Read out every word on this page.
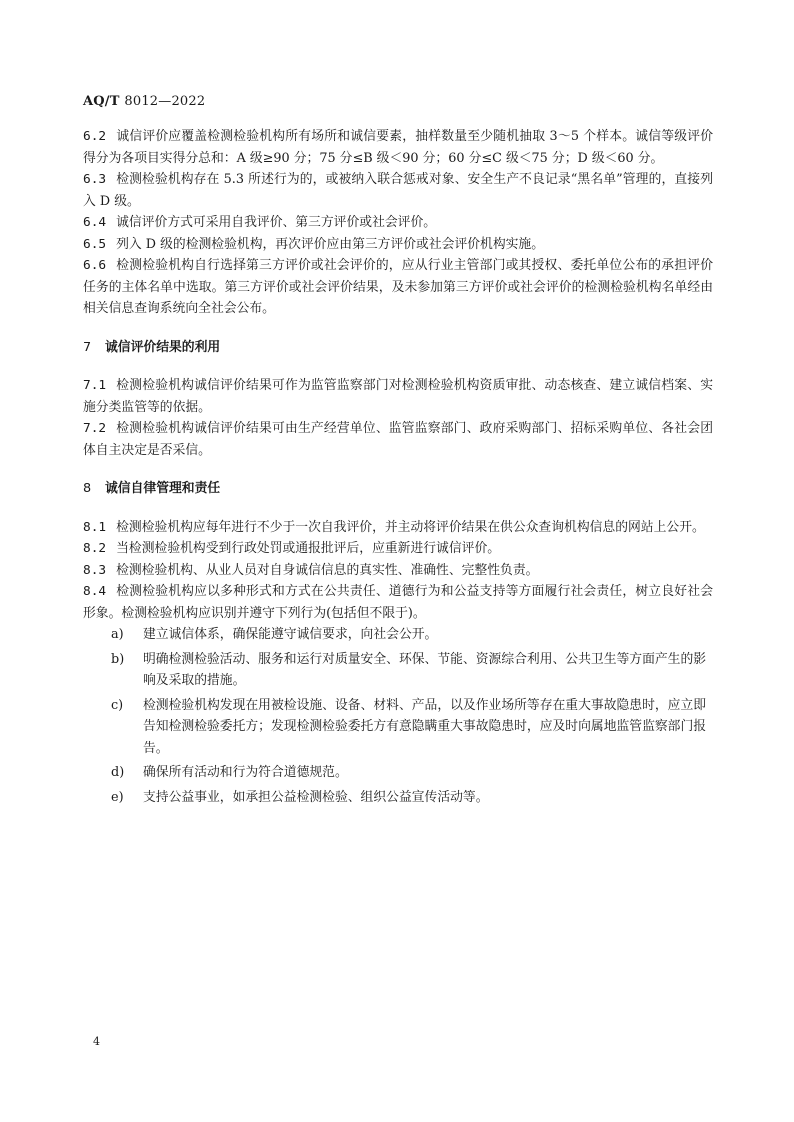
AQ/T 8012—2022

6.2 诚信评价应覆盖检测检验机构所有场所和诚信要素，抽样数量至少随机抽取 3～5 个样本。诚信等级评价得分为各项目实得分总和：A 级≥90 分；75 分≤B 级＜90 分；60 分≤C 级＜75 分；D 级＜60 分。

6.3 检测检验机构存在 5.3 所述行为的，或被纳入联合惩戒对象、安全生产不良记录“黑名单”管理的，直接列入 D 级。

6.4 诚信评价方式可采用自我评价、第三方评价或社会评价。

6.5 列入 D 级的检测检验机构，再次评价应由第三方评价或社会评价机构实施。

6.6 检测检验机构自行选择第三方评价或社会评价的，应从行业主管部门或其授权、委托单位公布的承担评价任务的主体名单中选取。第三方评价或社会评价结果，及未参加第三方评价或社会评价的检测检验机构名单经由相关信息查询系统向全社会公布。

7 诚信评价结果的利用

7.1 检测检验机构诚信评价结果可作为监管监察部门对检测检验机构资质审批、动态核查、建立诚信档案、实施分类监管等的依据。

7.2 检测检验机构诚信评价结果可由生产经营单位、监管监察部门、政府采购部门、招标采购单位、各社会团体自主决定是否采信。

8 诚信自律管理和责任

8.1 检测检验机构应每年进行不少于一次自我评价，并主动将评价结果在供公众查询机构信息的网站上公开。

8.2 当检测检验机构受到行政处罚或通报批评后，应重新进行诚信评价。

8.3 检测检验机构、从业人员对自身诚信信息的真实性、准确性、完整性负责。

8.4 检测检验机构应以多种形式和方式在公共责任、道德行为和公益支持等方面履行社会责任，树立良好社会形象。检测检验机构应识别并遵守下列行为(包括但不限于)。

a) 建立诚信体系，确保能遵守诚信要求，向社会公开。
b) 明确检测检验活动、服务和运行对质量安全、环保、节能、资源综合利用、公共卫生等方面产生的影响及采取的措施。
c) 检测检验机构发现在用被检设施、设备、材料、产品，以及作业场所等存在重大事故隐患时，应立即告知检测检验委托方；发现检测检验委托方有意隐瞒重大事故隐患时，应及时向属地监管监察部门报告。
d) 确保所有活动和行为符合道德规范。
e) 支持公益事业，如承担公益检测检验、组织公益宣传活动等。
4
